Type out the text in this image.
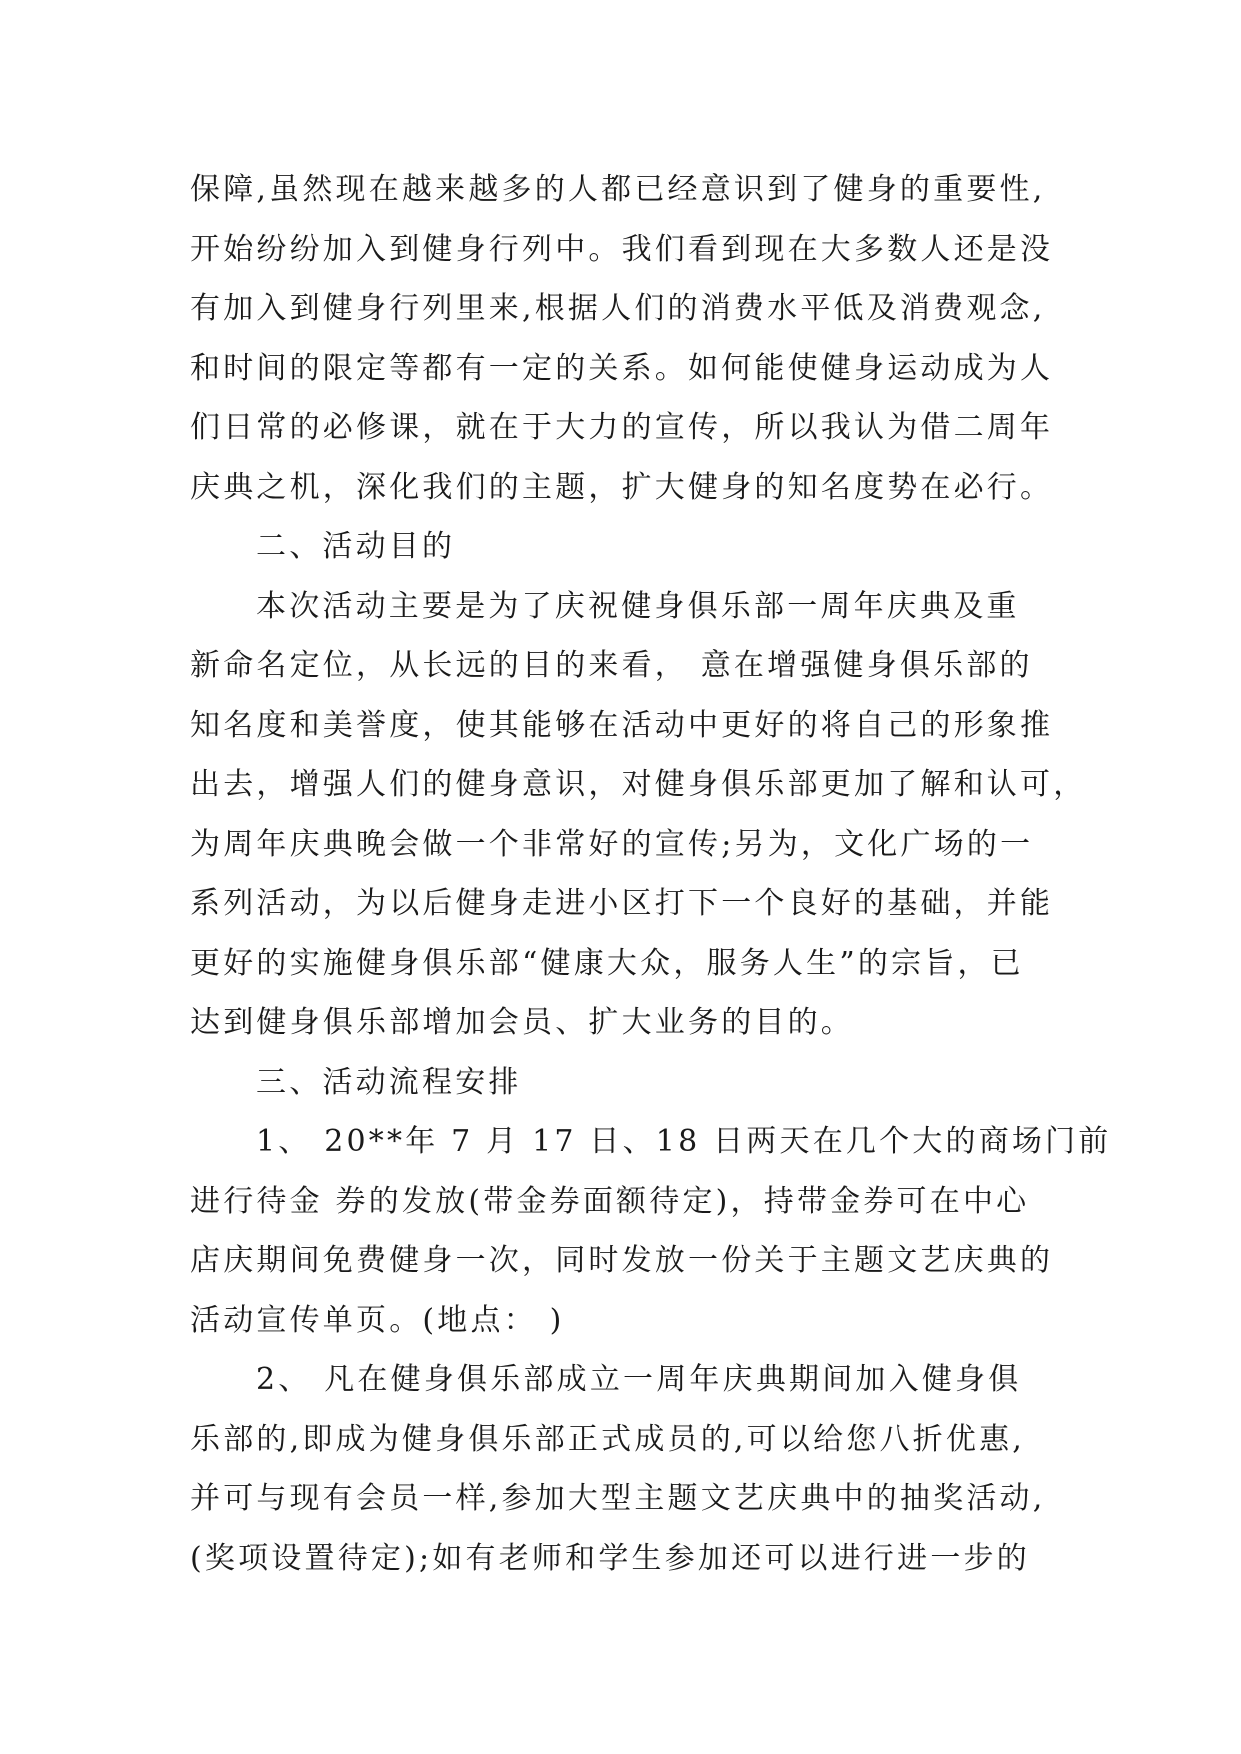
保障,虽然现在越来越多的人都已经意识到了健身的重要性,
开始纷纷加入到健身行列中。我们看到现在大多数人还是没
有加入到健身行列里来,根据人们的消费水平低及消费观念,
和时间的限定等都有一定的关系。如何能使健身运动成为人
们日常的必修课，就在于大力的宣传，所以我认为借二周年
庆典之机，深化我们的主题，扩大健身的知名度势在必行。
二、活动目的
本次活动主要是为了庆祝健身俱乐部一周年庆典及重
新命名定位，从长远的目的来看， 意在增强健身俱乐部的
知名度和美誉度，使其能够在活动中更好的将自己的形象推
出去，增强人们的健身意识，对健身俱乐部更加了解和认可，
为周年庆典晚会做一个非常好的宣传;另为，文化广场的一
系列活动，为以后健身走进小区打下一个良好的基础，并能
更好的实施健身俱乐部“健康大众，服务人生”的宗旨，已
达到健身俱乐部增加会员、扩大业务的目的。
三、活动流程安排
1、 20**年 7 月 17 日、18 日两天在几个大的商场门前
进行待金 券的发放(带金券面额待定)，持带金券可在中心
店庆期间免费健身一次，同时发放一份关于主题文艺庆典的
活动宣传单页。(地点： )
2、 凡在健身俱乐部成立一周年庆典期间加入健身俱
乐部的,即成为健身俱乐部正式成员的,可以给您八折优惠,
并可与现有会员一样,参加大型主题文艺庆典中的抽奖活动,
(奖项设置待定);如有老师和学生参加还可以进行进一步的
